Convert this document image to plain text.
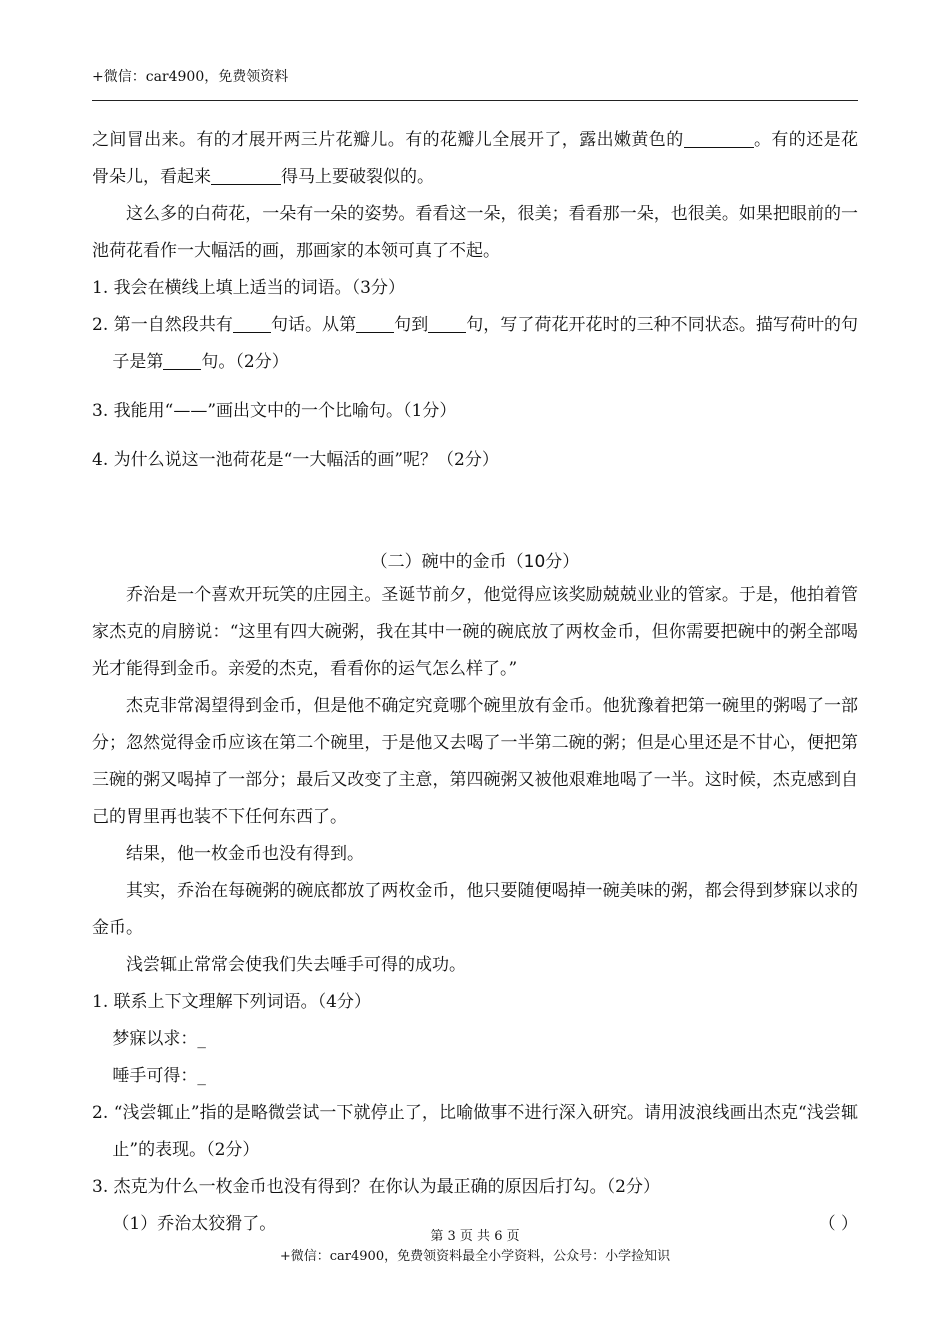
+微信：car4900，免费领资料

之间冒出来。有的才展开两三片花瓣儿。有的花瓣儿全展开了，露出嫩黄色的	。有的还是花骨朵儿，看起来	得马上要破裂似的。

这么多的白荷花，一朵有一朵的姿势。看看这一朵，很美；看看那一朵，也很美。如果把眼前的一池荷花看作一大幅活的画，那画家的本领可真了不起。

1. 我会在横线上填上适当的词语。（3分）

2. 第一自然段共有 句话。从第 句到 句，写了荷花开花时的三种不同状态。描写荷叶的句子是第 句。（2分）

3. 我能用“——”画出文中的一个比喻句。（1分）

4. 为什么说这一池荷花是“一大幅活的画”呢？（2分）

（二）碗中的金币（10分）

乔治是一个喜欢开玩笑的庄园主。圣诞节前夕，他觉得应该奖励兢兢业业的管家。于是，他拍着管家杰克的肩膀说：“这里有四大碗粥，我在其中一碗的碗底放了两枚金币，但你需要把碗中的粥全部喝光才能得到金币。亲爱的杰克，看看你的运气怎么样了。”

杰克非常渴望得到金币，但是他不确定究竟哪个碗里放有金币。他犹豫着把第一碗里的粥喝了一部分；忽然觉得金币应该在第二个碗里，于是他又去喝了一半第二碗的粥；但是心里还是不甘心，便把第三碗的粥又喝掉了一部分；最后又改变了主意，第四碗粥又被他艰难地喝了一半。这时候，杰克感到自己的胃里再也装不下任何东西了。

结果，他一枚金币也没有得到。

其实，乔治在每碗粥的碗底都放了两枚金币，他只要随便喝掉一碗美味的粥，都会得到梦寐以求的金币。

浅尝辄止常常会使我们失去唾手可得的成功。

1. 联系上下文理解下列词语。（4分）

梦寐以求：_

唾手可得：_

2. “浅尝辄止”指的是略微尝试一下就停止了，比喻做事不进行深入研究。请用波浪线画出杰克“浅尝辄止”的表现。（2分）

3. 杰克为什么一枚金币也没有得到？在你认为最正确的原因后打勾。（2分）

（1）乔治太狡猾了。	（ ）
第 3 页 共 6 页
+微信：car4900，免费领资料最全小学资料，公众号：小学捡知识
